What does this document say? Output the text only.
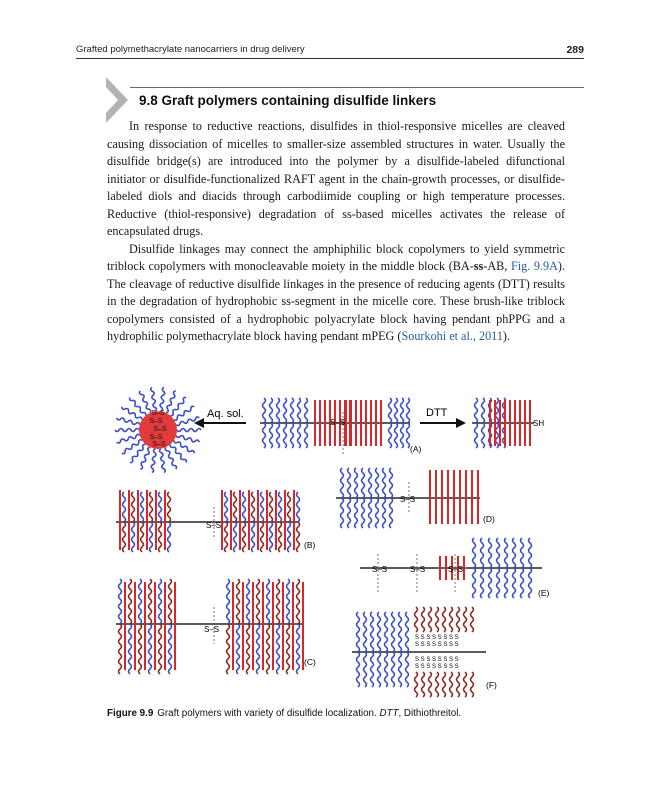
Grafted polymethacrylate nanocarriers in drug delivery	289
9.8 Graft polymers containing disulfide linkers

In response to reductive reactions, disulfides in thiol-responsive micelles are cleaved causing dissociation of micelles to smaller-size assembled structures in water. Usually the disulfide bridge(s) are introduced into the polymer by a disulfide-labeled difunctional initiator or disulfide-functionalized RAFT agent in the chain-growth processes, or disulfide-labeled diols and diacids through carbodiimide coupling or high temperature processes. Reductive (thiol-responsive) degradation of ss-based micelles activates the release of encapsulated drugs.

Disulfide linkages may connect the amphiphilic block copolymers to yield symmetric triblock copolymers with monocleavable moiety in the middle block (BA-ss-AB, Fig. 9.9A). The cleavage of reductive disulfide linkages in the presence of reducing agents (DTT) results in the degradation of hydrophobic ss-segment in the micelle core. These brush-like triblock copolymers consisted of a hydrophobic polyacrylate block having pendant phPPG and a hydrophilic polymethacrylate block having pendant mPEG (Sourkohi et al., 2011).

S–S
S–S
S–S
S–S
S–S
Aq. sol.
S–S
(A)
DTT
SH
S–S
(B)
S–S
(C)
S–S
(D)
S–S	S–S	S–S
(E)
S S S S S S S S
S S S S S S S S
S S S S S S S S
S S S S S S S S
(F)
Figure 9.9 Graft polymers with variety of disulfide localization. DTT, Dithiothreitol.
